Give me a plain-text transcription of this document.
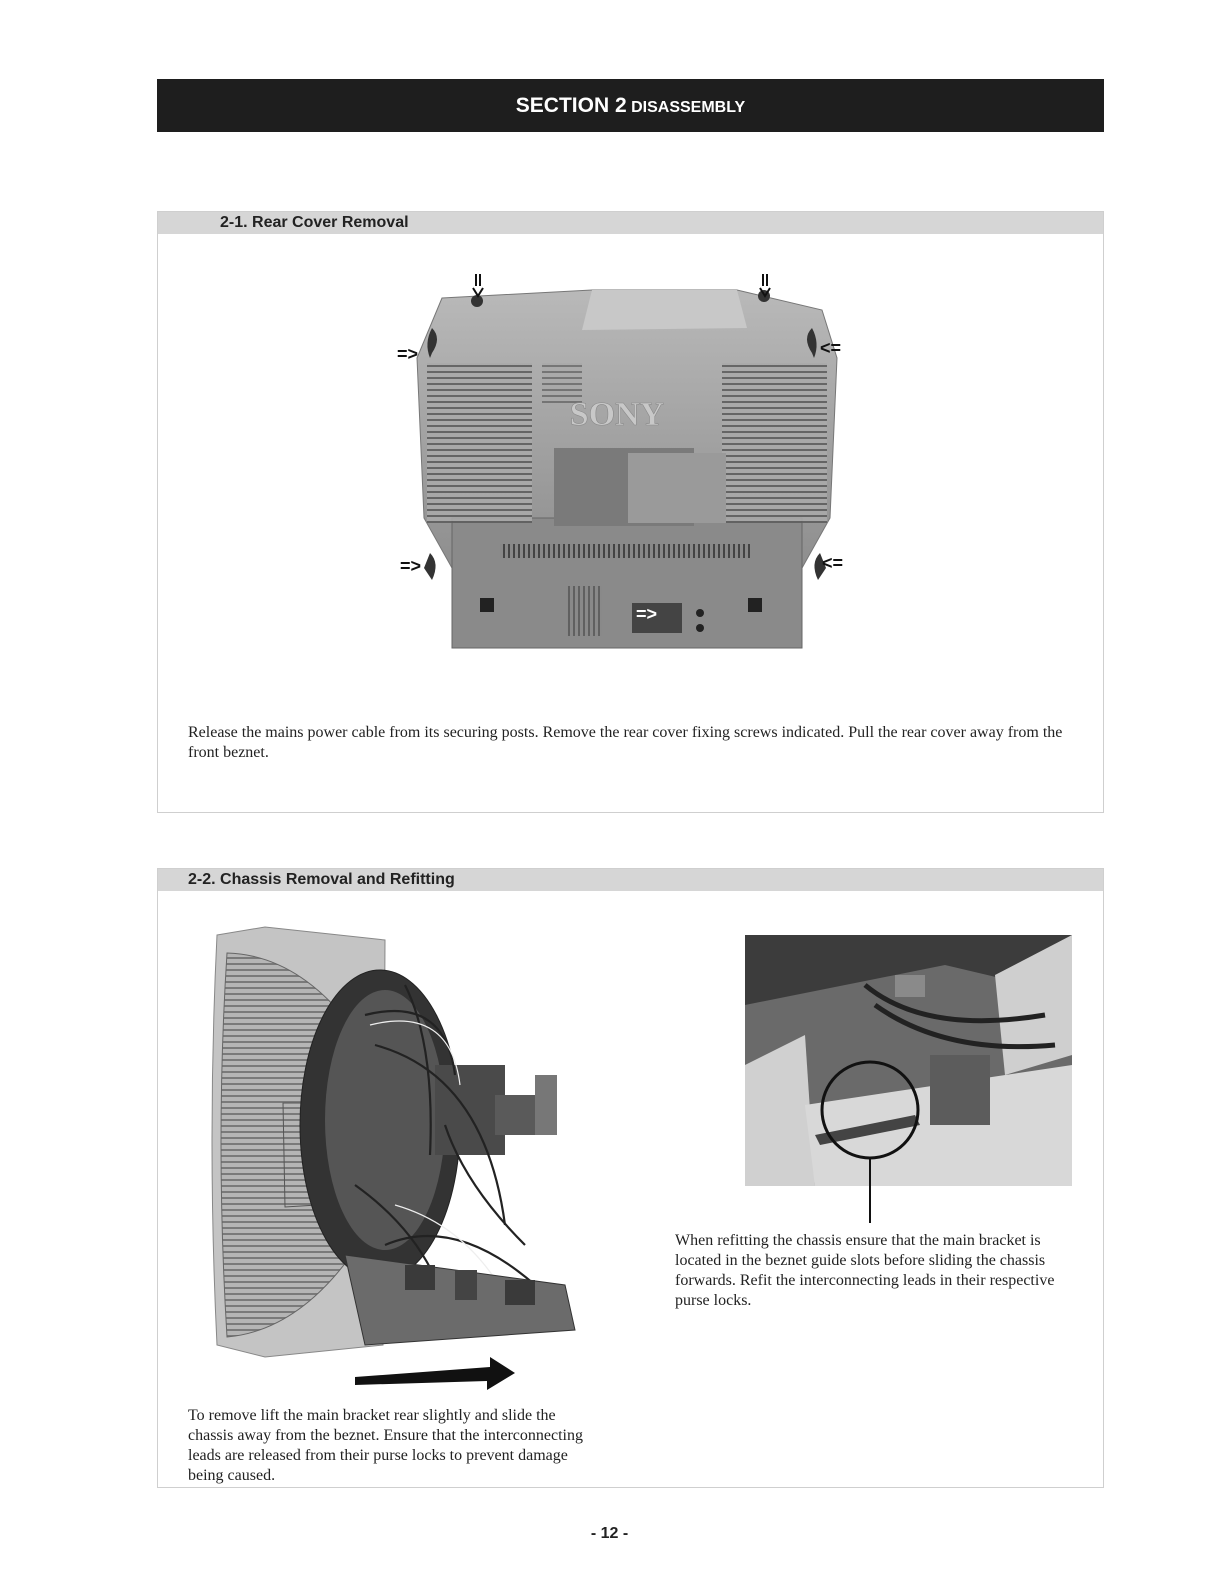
SECTION 2 DISASSEMBLY
2-1. Rear Cover Removal
SONY
=>	<=
=>	<=
=>
Release the mains power cable from its securing posts. Remove the rear cover fixing screws indicated. Pull the rear cover away from the front beznet.
2-2. Chassis Removal and Refitting
To remove lift the main bracket rear slightly and slide the chassis away from the beznet. Ensure that the interconnecting leads are released from their purse locks to prevent damage being caused.
When refitting the chassis ensure that the main bracket is located in the beznet guide slots before sliding the chassis forwards. Refit the interconnecting leads in their respective purse locks.
- 12 -
